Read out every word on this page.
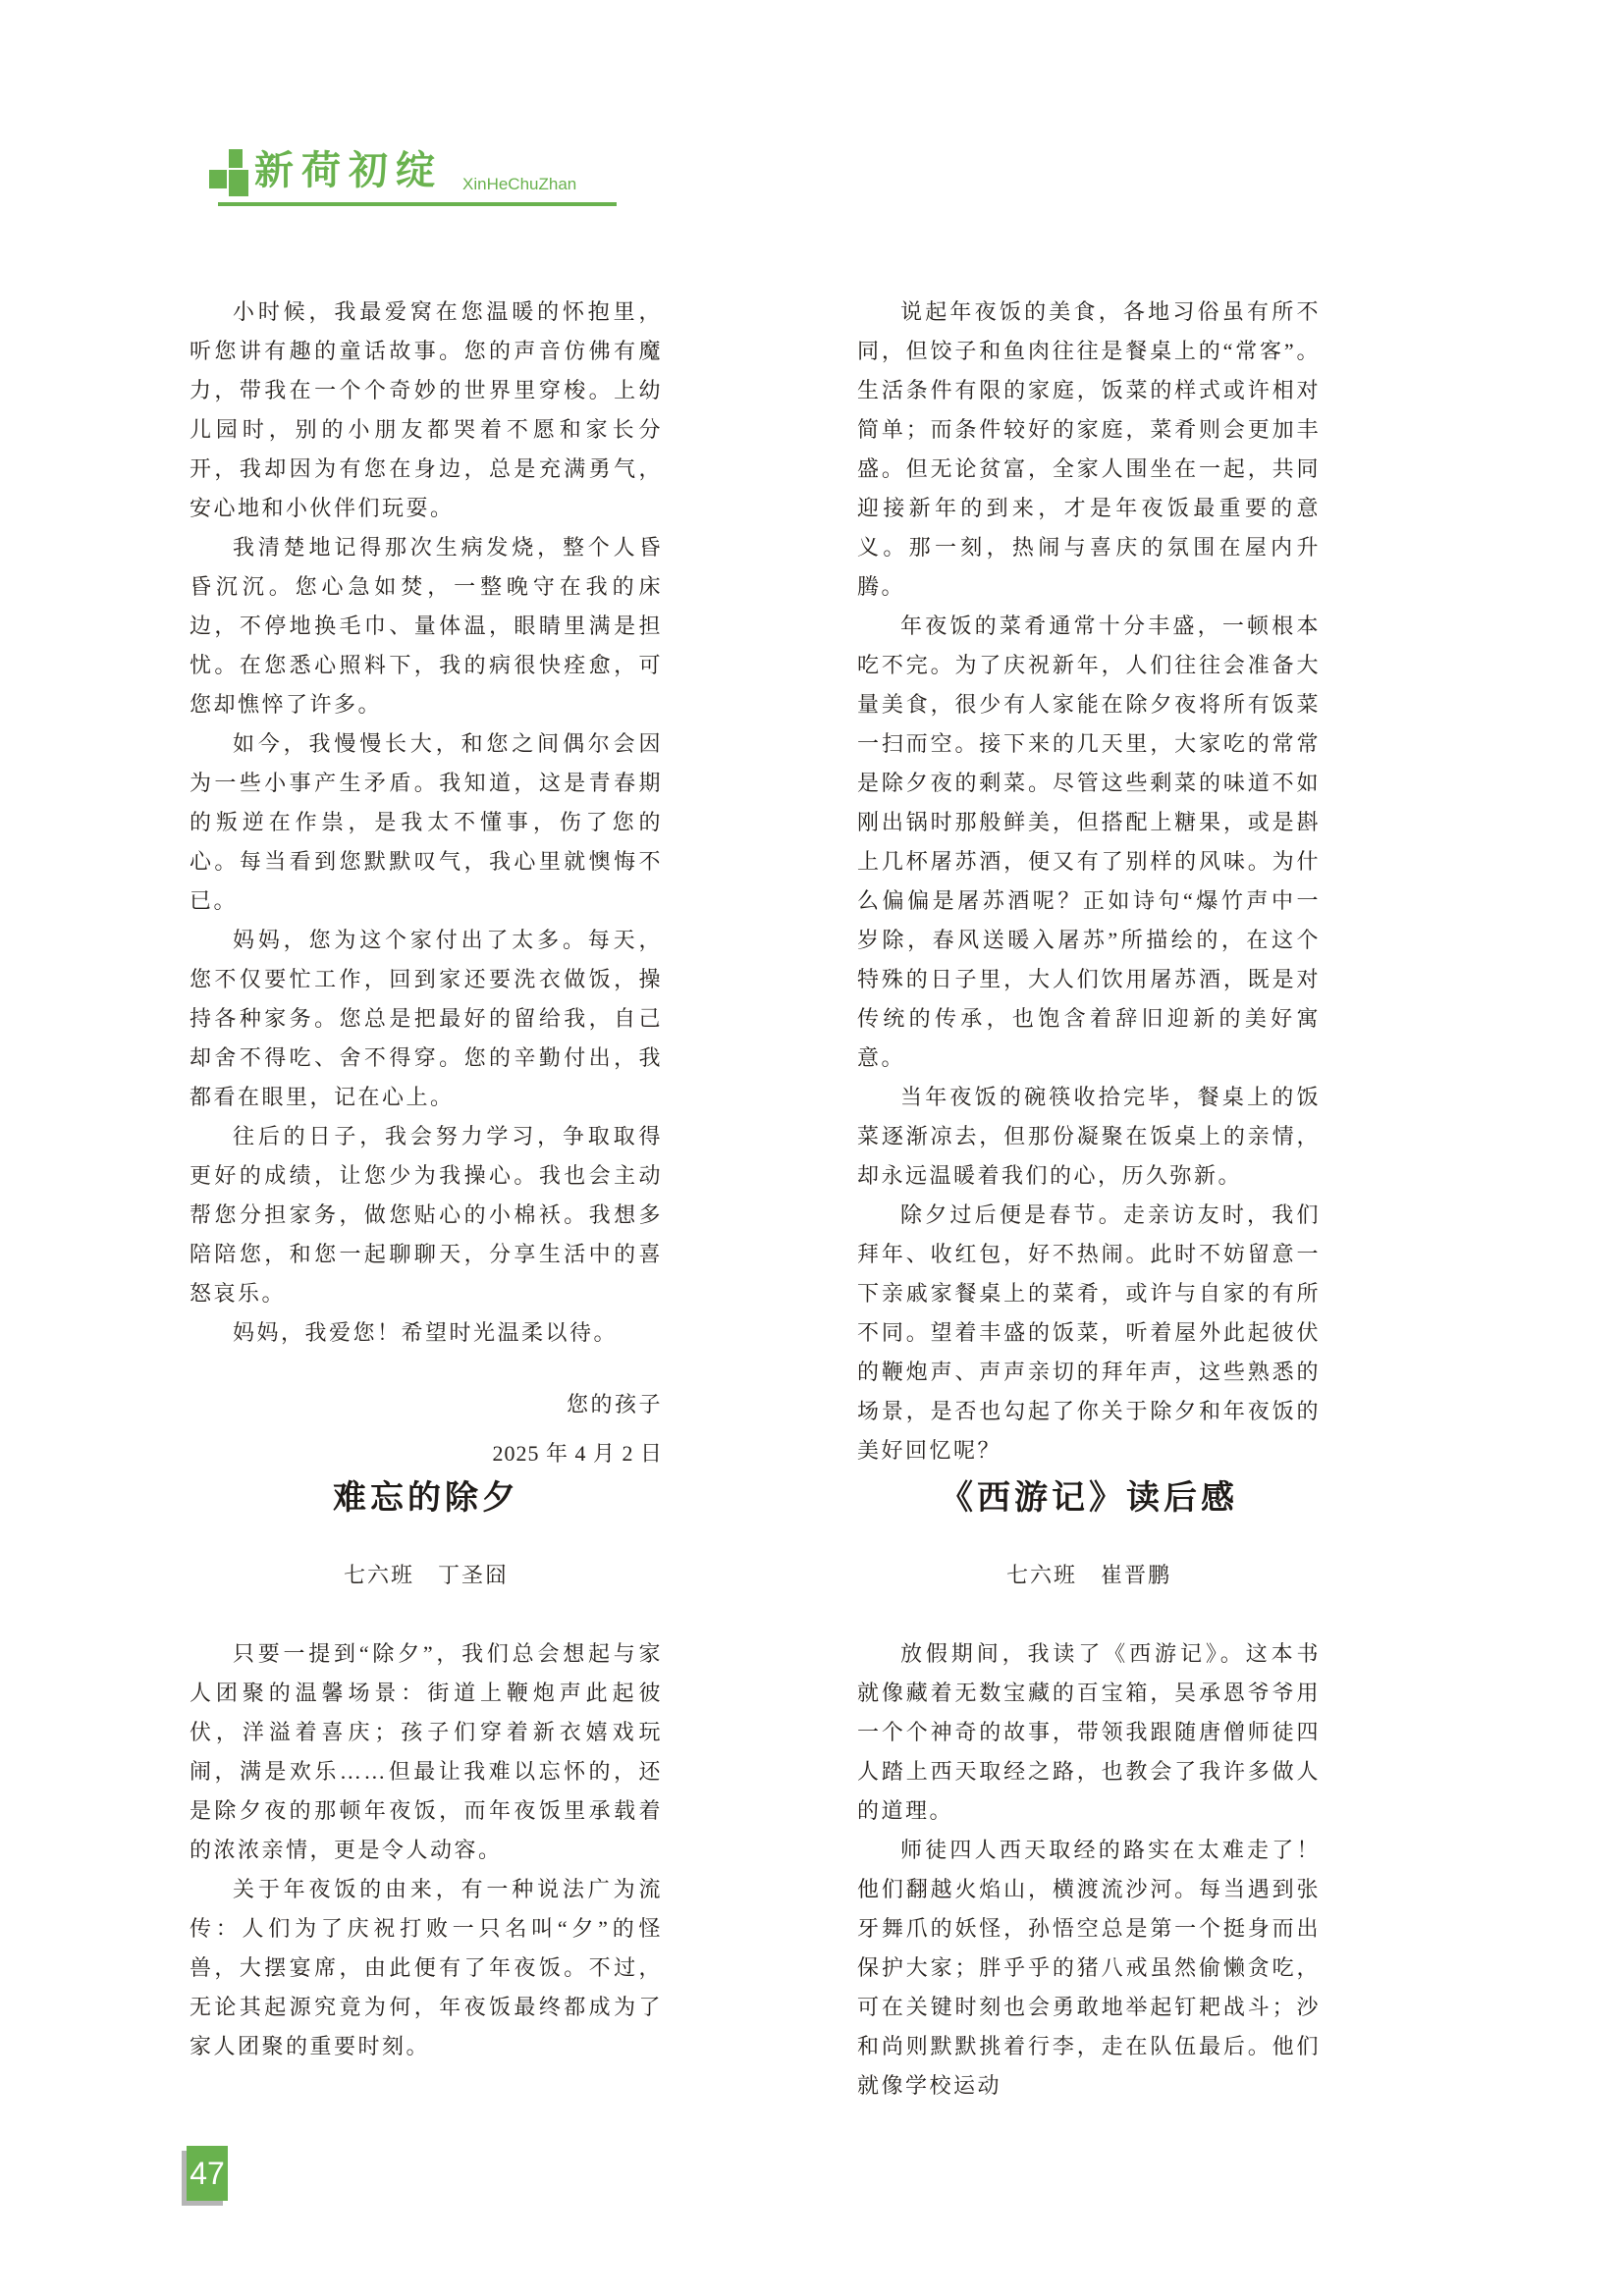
新荷初绽 XinHeChuZhan

小时候，我最爱窝在您温暖的怀抱里，听您讲有趣的童话故事。您的声音仿佛有魔力，带我在一个个奇妙的世界里穿梭。上幼儿园时，别的小朋友都哭着不愿和家长分开，我却因为有您在身边，总是充满勇气，安心地和小伙伴们玩耍。

我清楚地记得那次生病发烧，整个人昏昏沉沉。您心急如焚，一整晚守在我的床边，不停地换毛巾、量体温，眼睛里满是担忧。在您悉心照料下，我的病很快痊愈，可您却憔悴了许多。

如今，我慢慢长大，和您之间偶尔会因为一些小事产生矛盾。我知道，这是青春期的叛逆在作祟，是我太不懂事，伤了您的心。每当看到您默默叹气，我心里就懊悔不已。

妈妈，您为这个家付出了太多。每天，您不仅要忙工作，回到家还要洗衣做饭，操持各种家务。您总是把最好的留给我，自己却舍不得吃、舍不得穿。您的辛勤付出，我都看在眼里，记在心上。

往后的日子，我会努力学习，争取取得更好的成绩，让您少为我操心。我也会主动帮您分担家务，做您贴心的小棉袄。我想多陪陪您，和您一起聊聊天，分享生活中的喜怒哀乐。

妈妈，我爱您！希望时光温柔以待。

您的孩子

2025 年 4 月 2 日

难忘的除夕

七六班　丁圣囧

只要一提到“除夕”，我们总会想起与家人团聚的温馨场景：街道上鞭炮声此起彼伏，洋溢着喜庆；孩子们穿着新衣嬉戏玩闹，满是欢乐……但最让我难以忘怀的，还是除夕夜的那顿年夜饭，而年夜饭里承载着的浓浓亲情，更是令人动容。

关于年夜饭的由来，有一种说法广为流传：人们为了庆祝打败一只名叫“夕”的怪兽，大摆宴席，由此便有了年夜饭。不过，无论其起源究竟为何，年夜饭最终都成为了家人团聚的重要时刻。

说起年夜饭的美食，各地习俗虽有所不同，但饺子和鱼肉往往是餐桌上的“常客”。生活条件有限的家庭，饭菜的样式或许相对简单；而条件较好的家庭，菜肴则会更加丰盛。但无论贫富，全家人围坐在一起，共同迎接新年的到来，才是年夜饭最重要的意义。那一刻，热闹与喜庆的氛围在屋内升腾。

年夜饭的菜肴通常十分丰盛，一顿根本吃不完。为了庆祝新年，人们往往会准备大量美食，很少有人家能在除夕夜将所有饭菜一扫而空。接下来的几天里，大家吃的常常是除夕夜的剩菜。尽管这些剩菜的味道不如刚出锅时那般鲜美，但搭配上糖果，或是斟上几杯屠苏酒，便又有了别样的风味。为什么偏偏是屠苏酒呢？正如诗句“爆竹声中一岁除，春风送暖入屠苏”所描绘的，在这个特殊的日子里，大人们饮用屠苏酒，既是对传统的传承，也饱含着辞旧迎新的美好寓意。

当年夜饭的碗筷收拾完毕，餐桌上的饭菜逐渐凉去，但那份凝聚在饭桌上的亲情，却永远温暖着我们的心，历久弥新。

除夕过后便是春节。走亲访友时，我们拜年、收红包，好不热闹。此时不妨留意一下亲戚家餐桌上的菜肴，或许与自家的有所不同。望着丰盛的饭菜，听着屋外此起彼伏的鞭炮声、声声亲切的拜年声，这些熟悉的场景，是否也勾起了你关于除夕和年夜饭的美好回忆呢？

《西游记》读后感

七六班　崔晋鹏

放假期间，我读了《西游记》。这本书就像藏着无数宝藏的百宝箱，吴承恩爷爷用一个个神奇的故事，带领我跟随唐僧师徒四人踏上西天取经之路，也教会了我许多做人的道理。

师徒四人西天取经的路实在太难走了！他们翻越火焰山，横渡流沙河。每当遇到张牙舞爪的妖怪，孙悟空总是第一个挺身而出保护大家；胖乎乎的猪八戒虽然偷懒贪吃，可在关键时刻也会勇敢地举起钉耙战斗；沙和尚则默默挑着行李，走在队伍最后。他们就像学校运动

47
